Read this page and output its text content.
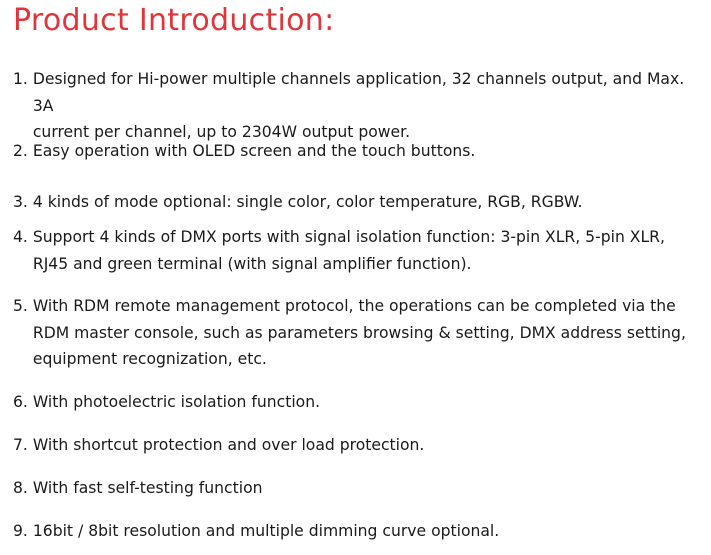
Product Introduction:
1.
Designed for Hi-power multiple channels application, 32 channels output, and Max. 3A
current per channel, up to 2304W output power.
2.
Easy operation with OLED screen and the touch buttons.
3.
4 kinds of mode optional: single color, color temperature, RGB, RGBW.
4.
Support 4 kinds of DMX ports with signal isolation function: 3-pin XLR, 5-pin XLR,
RJ45 and green terminal (with signal amplifier function).
5.
With RDM remote management protocol, the operations can be completed via the
RDM master console, such as parameters browsing & setting, DMX address setting,
equipment recognization, etc.
6.
With photoelectric isolation function.
7.
With shortcut protection and over load protection.
8.
With fast self-testing function
9.
16bit / 8bit resolution and multiple dimming curve optional.
